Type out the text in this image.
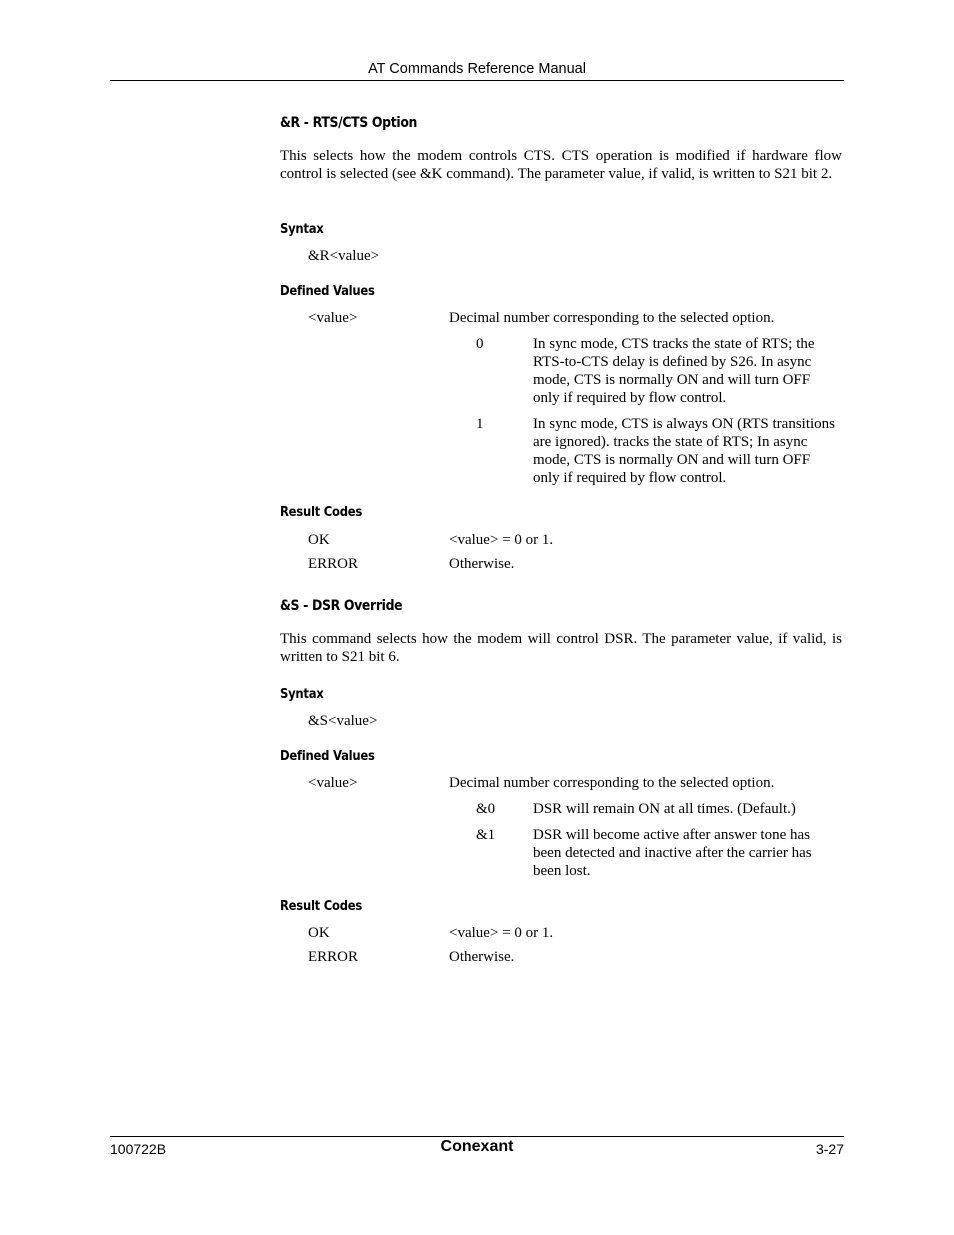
AT Commands Reference Manual
&R - RTS/CTS Option
This selects how the modem controls CTS. CTS operation is modified if hardware flow control is selected (see &K command). The parameter value, if valid, is written to S21 bit 2.
Syntax
&R<value>
Defined Values
<value>	Decimal number corresponding to the selected option.
0	In sync mode, CTS tracks the state of RTS; the RTS-to-CTS delay is defined by S26. In async mode, CTS is normally ON and will turn OFF only if required by flow control.
1	In sync mode, CTS is always ON (RTS transitions are ignored). tracks the state of RTS; In async mode, CTS is normally ON and will turn OFF only if required by flow control.
Result Codes
OK	<value> = 0 or 1.
ERROR	Otherwise.
&S - DSR Override
This command selects how the modem will control DSR. The parameter value, if valid, is written to S21 bit 6.
Syntax
&S<value>
Defined Values
<value>	Decimal number corresponding to the selected option.
&0	DSR will remain ON at all times. (Default.)
&1	DSR will become active after answer tone has been detected and inactive after the carrier has been lost.
Result Codes
OK	<value> = 0 or 1.
ERROR	Otherwise.
100722B	Conexant	3-27
